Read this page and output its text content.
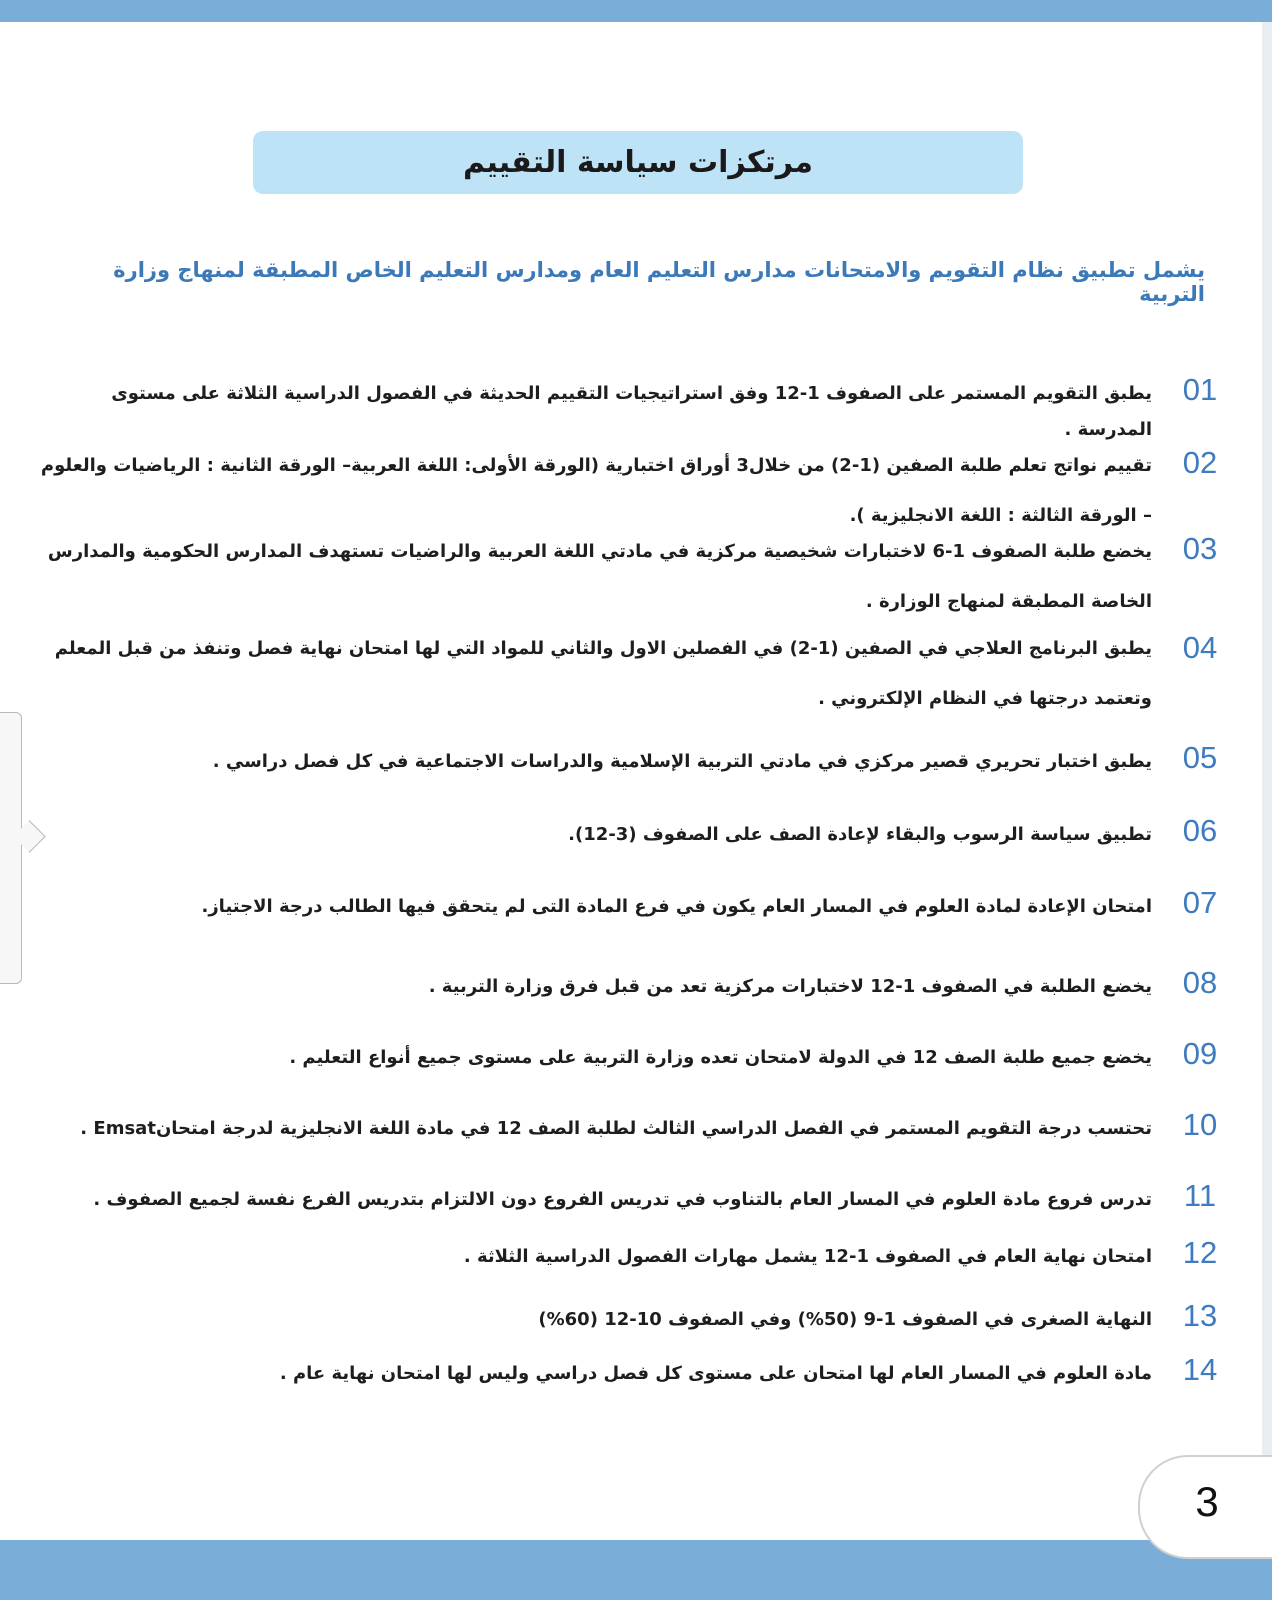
مرتكزات سياسة التقييم
يشمل تطبيق نظام التقويم والامتحانات مدارس التعليم العام ومدارس التعليم الخاص المطبقة لمنهاج وزارة التربية
01
يطبق التقويم المستمر على الصفوف 1-12 وفق استراتيجيات التقييم الحديثة في الفصول الدراسية الثلاثة على مستوى المدرسة .
02
تقييم نواتج تعلم طلبة الصفين (1-2) من خلال3 أوراق اختبارية (الورقة الأولى: اللغة العربية– الورقة الثانية : الرياضيات والعلوم – الورقة الثالثة : اللغة الانجليزية ).
03
يخضع طلبة الصفوف 1-6 لاختبارات شخيصية مركزية في مادتي اللغة العربية والراضيات تستهدف المدارس الحكومية والمدارس الخاصة المطبقة لمنهاج الوزارة .
04
يطبق البرنامج العلاجي في الصفين (1-2) في الفصلين الاول والثاني للمواد التي لها امتحان نهاية فصل وتنفذ من قبل المعلم وتعتمد درجتها في النظام الإلكتروني .
05
يطبق اختبار تحريري قصير مركزي في مادتي التربية الإسلامية والدراسات الاجتماعية في كل فصل دراسي .
06
تطبيق سياسة الرسوب والبقاء لإعادة الصف على الصفوف (3-12).
07
امتحان الإعادة لمادة العلوم في المسار العام يكون في فرع المادة التى لم يتحقق فيها الطالب درجة الاجتياز.
08
يخضع الطلبة في الصفوف 1-12 لاختبارات مركزية تعد من قبل فرق وزارة التربية .
09
يخضع جميع طلبة الصف 12 في الدولة لامتحان تعده وزارة التربية على مستوى جميع أنواع التعليم .
10
تحتسب درجة التقويم المستمر في الفصل الدراسي الثالث لطلبة الصف 12 في مادة اللغة الانجليزية لدرجة امتحانEmsat .
11
تدرس فروع مادة العلوم في المسار العام بالتناوب في تدريس الفروع دون الالتزام بتدريس الفرع نفسة لجميع الصفوف .
12
امتحان نهاية العام في الصفوف 1-12 يشمل مهارات الفصول الدراسية الثلاثة .
13
النهاية الصغرى في الصفوف 1-9 (50%) وفي الصفوف 10-12 (60%)
14
مادة العلوم في المسار العام لها امتحان على مستوى كل فصل دراسي وليس لها امتحان نهاية عام .
3
